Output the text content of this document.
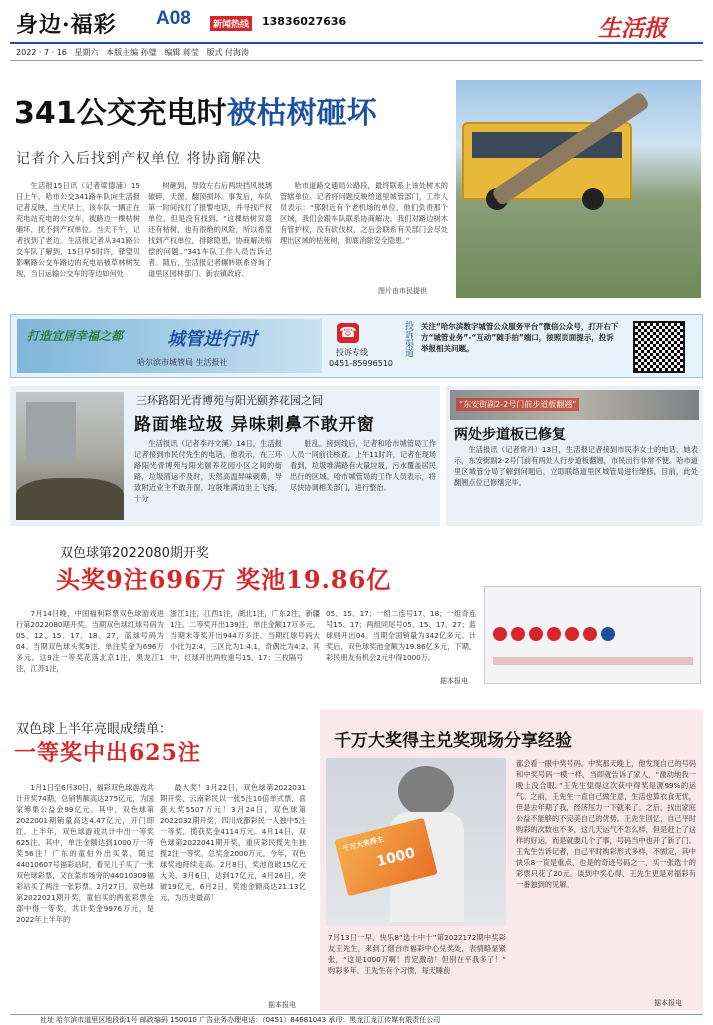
身边·福彩 A08	新闻热线 13836027636	生活报
2022 · 7 · 16   星期六   本版主编 孙璧   编辑 蒋莹   版式 付海涛
341公交充电时被枯树砸坏
记者介入后找到产权单位 将协商解决
生活报15日讯（记者梁德浦）15日上午，哈市公交341路车队向生活报记者反映，当天早上，该车队一辆正在充电站充电的公交车，被路边一棵枯树砸坏，扰不到产权单位。当天下午，记者找到了老边。生活报记者从341路公交车队了解到，15日早5时许，驿望贝影喇路公交车路边的充电站被草林树发现，当日运输公交车的等边如何处
树砸到，导致左右后两块挡风玻璃破碎，天窗、翻顶损坏。事发后，车队第一时间找打了报警电话，并寻找产权单位，但是没有找到。“这棵枯树究竟还有枯树，也有很绝的风险，所以希望找到产权单位，排除隐患，协商解决赔偿的问题。”341车队工作人员告诉记者。随后，生活报记者辗转联系咨询了道里区园林部门、新农镇政府、
哈市道路交通局公路段，最终联系上该处树木的管辖单位。记者将问题反映给道里城管部门，工作人员表示：“那附近有个老机场的单位，他们负责那个区域，我们会跟车队联系协商解决。我们对路边树木有管护权，没有砍伐权，之后会联系有关部门会尽处理出区域的枯死树，彻底消除安全隐患。”
图片由市民提供
打造宜居幸福之都 城管进行时
哈尔滨市城管局 生活报社
☎
投诉专线
0451-85996510
投诉渠道 关注“哈尔滨数字城管公众服务平台”微信公众号，打开右下方“城管业务”-“互动”随手拍”端口，按照页面提示，投诉举报相关问题。
三环路阳光青博苑与阳光颐养花园之间
路面堆垃圾 异味刺鼻不敢开窗
生活报讯（记者李丹文溪）14日，生活报记者接到市民付先生的电话，他表示，在三环路阳光青博苑与阳光颐养花园小区之间的街路，垃圾清运不及时，天然高温异味刺鼻，导致附近业主不敢开窗，垃圾堆满边坐上飞扬，十分
脏乱。接到线后，记者和哈市城管局工作人员一同前往核查。上午11时许，记者在现场看到，垃圾堆满路有大量垃圾，污水覆盖居民出行的区域。哈市城管局的工作人员表示，将尽快协调相关部门，进行整治。
“东安街副2-2号门前步道板翻翘”
两处步道板已修复
生活报讯（记者常丹）13日，生活报记者接到市民李女士的电话，她表示，东安街副2-2号门前有两处人行步道板翻翘，市民出行非常不便。哈市道里区城管分局了解到问题后，立即联络道里区城管局进行维修。目前，此处翻翘点位已修缮完毕。
双色球第2022080期开奖
头奖9注696万 奖池19.86亿
7月14日晚，中国福利彩票双色球游戏进行第2022080期开奖。当期双色球红球号码为05、12、15、17、18、27，蓝球号码为04。当期双色球头奖9注，单注奖金为696万多元。这9注一等奖花落北京1注，黑龙江1注，江苏1注，
浙江1注，江西1注，湖北1注，广东2注，新疆1注。二等奖开出139注，单注金额17万多元。当期末等奖开出944万多注。当期红球号码大小比为2:4，三区比为1:4:1，奇偶比为4:2。其中，红球开出两枚重号15、17；三枚隔号
05、15、17；一组二连号17、18；一组奇连号15、17；两组同尾号05、15、17、27；蓝球则开出04。当期全国销量为342亿多元。计奖后，双色球奖池金额为19.86亿多元，下期，彩民朋友有机会2元中得1000万。
据本报电
双色球上半年亮眼成绩单：
一等奖中出625注
1月1日至6月30日，福彩双色球游戏共计开奖74期，总销售额高达275亿元，为国家筹集公益金99亿元。其中，双色球第2022001期销量高达4.47亿元，开门即红。上半年，双色球游戏共计中出一等奖625注。其中，单注金额达到1000万一等奖56注！广东的童伯外出买菜，随过44010607号福彩站时，看见儿子买了一张双色球彩票，又在菜市场旁的44010309福彩站买了两注一张彩票。2月27日，双色球第2022021期开奖，童伯买的两张彩票全部中得一等奖，共计奖金9976万元，是2022年上半年的
最大奖！3月22日，双色球第2022031期开奖，云南彩民以一张5注10倍单式票，喜获大奖5507万元！3月24日，双色球第2022032期开奖，四川成都彩民一人独中5注一等奖，揽获奖金4114万元。4月14日，双色球第2022041期开奖，重庆彩民揽先生独揽2注一等奖，总奖金2000万元。今年，双色球奖池持续走高。2月8日，奖池首破15亿元大关，3月6日，达到17亿元，4月26日，突破19亿元，6月2日，奖池金额高达21.13亿元，为历史最高！
据本报电
千万大奖得主兑奖现场分享经验
千万大奖得主
1000
7月13日一早，快乐8“选十中十”第2022172期中奖彩友王先生，来到了烟台市福彩中心兑奖处，表情略显紧张，“这是1000万啊！肯定激动！但别在平我多了！” 购彩多年，王先生有个习惯，每天睡前
都会看一眼中奖号码。中奖那天晚上，他发现自己的号码和中奖号码一模一样，当即就告诉了家人，“激动地我一晚上没合眼。”王先生觉得这次获中得奖是源99%的运气。之前，王先生一直自己做生意，生活也算衣食无忧，但是去年期了我，经济压力一下就来了。之后，找出家庭公益不能够的不完美自己的优势。王先生回忆，自己平时购彩的次数也不多，这几天运气不怎么样，但是赶上了这样的好运，而是就要几个了事，号码当中也开了新了门。王先生告诉记者，自己平时购彩形式多样，不固定，其中快乐8一直是重点，也是的奇迹号码之一，买一张选十的彩票只花了20元。谈到中奖心得，王先生更是对福彩有一番独到的见解。
据本报电
社址 哈尔滨市道里区地段街1号 邮政编码 150010 广告业务办理电话：（0451）84681043 承印：黑龙江龙江传媒有限责任公司
